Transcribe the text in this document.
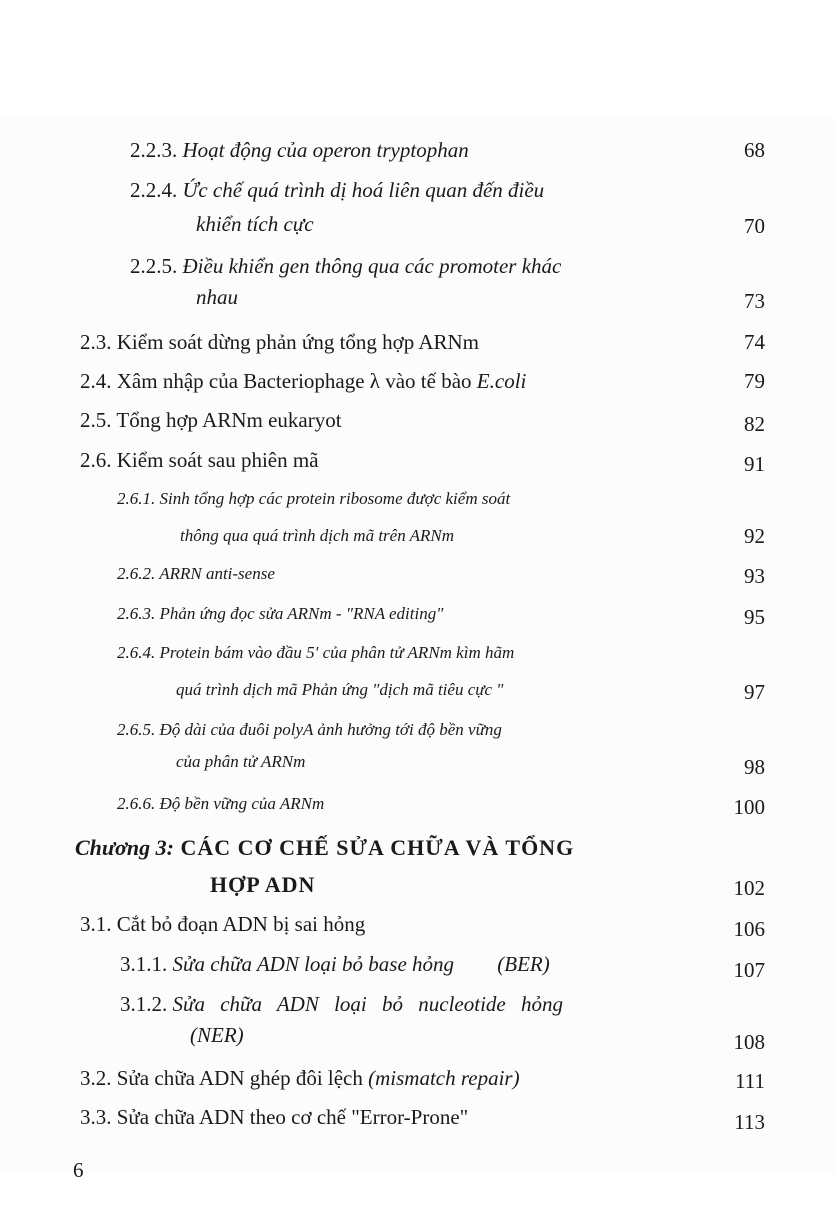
2.2.3. Hoạt động của operon tryptophan	68
2.2.4. Ức chế quá trình dị hoá liên quan đến điều
khiển tích cực	70
2.2.5. Điều khiển gen thông qua các promoter khác
nhau	73
2.3. Kiểm soát dừng phản ứng tổng hợp ARNm	74
2.4. Xâm nhập của Bacteriophage λ vào tế bào E.coli	79
2.5. Tổng hợp ARNm eukaryot	82
2.6. Kiểm soát sau phiên mã	91
2.6.1. Sinh tổng hợp các protein ribosome được kiểm soát
thông qua quá trình dịch mã trên ARNm	92
2.6.2. ARRN anti-sense	93
2.6.3. Phản ứng đọc sửa ARNm - "RNA editing"	95
2.6.4. Protein bám vào đầu 5' của phân tử ARNm kìm hãm
quá trình dịch mã Phản ứng "dịch mã tiêu cực "	97
2.6.5. Độ dài của đuôi polyA ảnh hưởng tới độ bền vững
của phân tử ARNm	98
2.6.6. Độ bền vững của ARNm	100
Chương 3: CÁC CƠ CHẾ SỬA CHỮA VÀ TỔNG
HỢP ADN	102
3.1. Cắt bỏ đoạn ADN bị sai hỏng	106
3.1.1. Sửa chữa ADN loại bỏ base hỏng (BER)	107
3.1.2. Sửa chữa ADN loại bỏ nucleotide hỏng
(NER)	108
3.2. Sửa chữa ADN ghép đôi lệch (mismatch repair)	111
3.3. Sửa chữa ADN theo cơ chế "Error-Prone"	113
6
